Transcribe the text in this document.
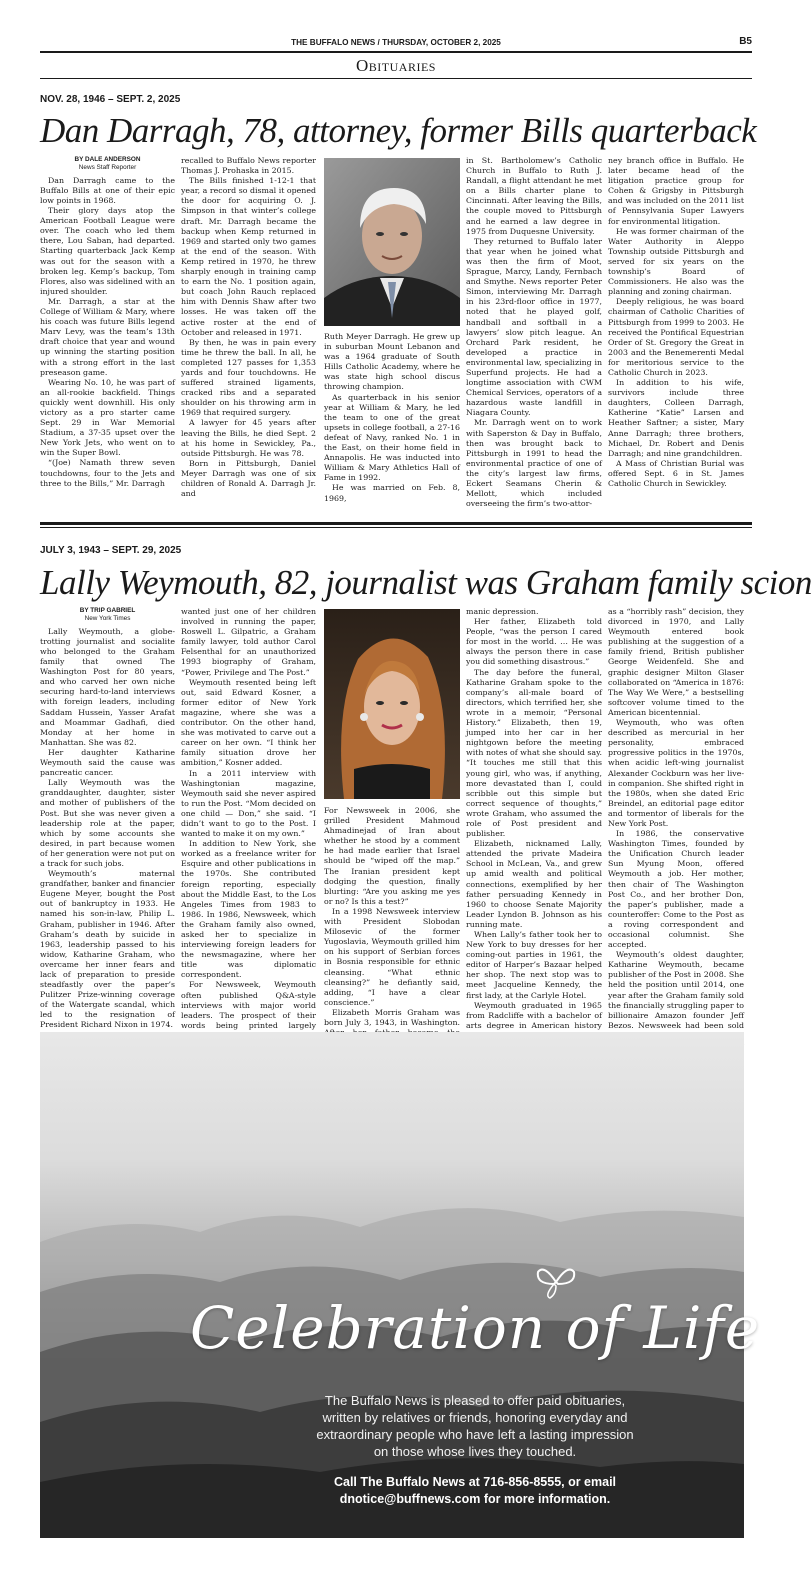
THE BUFFALO NEWS / THURSDAY, OCTOBER 2, 2025	B5
Obituaries
NOV. 28, 1946 – SEPT. 2, 2025
Dan Darragh, 78, attorney, former Bills quarterback
BY DALE ANDERSON
News Staff Reporter

Dan Darragh came to the Buffalo Bills at one of their epic low points in 1968.

Their glory days atop the American Football League were over. The coach who led them there, Lou Saban, had departed. Starting quarterback Jack Kemp was out for the season with a broken leg. Kemp’s backup, Tom Flores, also was sidelined with an injured shoulder.

Mr. Darragh, a star at the College of William & Mary, where his coach was future Bills legend Marv Levy, was the team’s 13th draft choice that year and wound up winning the starting position with a strong effort in the last preseason game.

Wearing No. 10, he was part of an all-rookie backfield. Things quickly went downhill. His only victory as a pro starter came Sept. 29 in War Memorial Stadium, a 37-35 upset over the New York Jets, who went on to win the Super Bowl.

“(Joe) Namath threw seven touchdowns, four to the Jets and three to the Bills,” Mr. Darragh

recalled to Buffalo News reporter Thomas J. Prohaska in 2015.

The Bills finished 1-12-1 that year, a record so dismal it opened the door for acquiring O. J. Simpson in that winter’s college draft. Mr. Darragh became the backup when Kemp returned in 1969 and started only two games at the end of the season. With Kemp retired in 1970, he threw sharply enough in training camp to earn the No. 1 position again, but coach John Rauch replaced him with Dennis Shaw after two losses. He was taken off the active roster at the end of October and released in 1971.

By then, he was in pain every time he threw the ball. In all, he completed 127 passes for 1,353 yards and four touchdowns. He suffered strained ligaments, cracked ribs and a separated shoulder on his throwing arm in 1969 that required surgery.

A lawyer for 45 years after leaving the Bills, he died Sept. 2 at his home in Sewickley, Pa., outside Pittsburgh. He was 78.

Born in Pittsburgh, Daniel Meyer Darragh was one of six children of Ronald A. Darragh Jr. and

Ruth Meyer Darragh. He grew up in suburban Mount Lebanon and was a 1964 graduate of South Hills Catholic Academy, where he was state high school discus throwing champion.

As quarterback in his senior year at William & Mary, he led the team to one of the great upsets in college football, a 27-16 defeat of Navy, ranked No. 1 in the East, on their home field in Annapolis. He was inducted into William & Mary Athletics Hall of Fame in 1992.

He was married on Feb. 8, 1969,

in St. Bartholomew’s Catholic Church in Buffalo to Ruth J. Randall, a flight attendant he met on a Bills charter plane to Cincinnati. After leaving the Bills, the couple moved to Pittsburgh and he earned a law degree in 1975 from Duquesne University.

They returned to Buffalo later that year when he joined what was then the firm of Moot, Sprague, Marcy, Landy, Fernbach and Smythe. News reporter Peter Simon, interviewing Mr. Darragh in his 23rd-floor office in 1977, noted that he played golf, handball and softball in a lawyers’ slow pitch league. An Orchard Park resident, he developed a practice in environmental law, specializing in Superfund projects. He had a longtime association with CWM Chemical Services, operators of a hazardous waste landfill in Niagara County.

Mr. Darragh went on to work with Saperston & Day in Buffalo, then was brought back to Pittsburgh in 1991 to head the environmental practice of one of the city’s largest law firms, Eckert Seamans Cherin & Mellott, which included overseeing the firm’s two-attor-

ney branch office in Buffalo. He later became head of the litigation practice group for Cohen & Grigsby in Pittsburgh and was included on the 2011 list of Pennsylvania Super Lawyers for environmental litigation.

He was former chairman of the Water Authority in Aleppo Township outside Pittsburgh and served for six years on the township’s Board of Commissioners. He also was the planning and zoning chairman.

Deeply religious, he was board chairman of Catholic Charities of Pittsburgh from 1999 to 2003. He received the Pontifical Equestrian Order of St. Gregory the Great in 2003 and the Benemerenti Medal for meritorious service to the Catholic Church in 2023.

In addition to his wife, survivors include three daughters, Colleen Darragh, Katherine “Katie” Larsen and Heather Saftner; a sister, Mary Anne Darragh; three brothers, Michael, Dr. Robert and Denis Darragh; and nine grandchildren.

A Mass of Christian Burial was offered Sept. 6 in St. James Catholic Church in Sewickley.

JULY 3, 1943 – SEPT. 29, 2025
Lally Weymouth, 82, journalist was Graham family scion
BY TRIP GABRIEL
New York Times

Lally Weymouth, a globe-trotting journalist and socialite who belonged to the Graham family that owned The Washington Post for 80 years, and who carved her own niche securing hard-to-land interviews with foreign leaders, including Saddam Hussein, Yasser Arafat and Moammar Gadhafi, died Monday at her home in Manhattan. She was 82.

Her daughter Katharine Weymouth said the cause was pancreatic cancer.

Lally Weymouth was the granddaughter, daughter, sister and mother of publishers of the Post. But she was never given a leadership role at the paper, which by some accounts she desired, in part because women of her generation were not put on a track for such jobs.

Weymouth’s maternal grandfather, banker and financier Eugene Meyer, bought the Post out of bankruptcy in 1933. He named his son-in-law, Philip L. Graham, publisher in 1946. After Graham’s death by suicide in 1963, leadership passed to his widow, Katharine Graham, who overcame her inner fears and lack of preparation to preside steadfastly over the paper’s Pulitzer Prize-winning coverage of the Watergate scandal, which led to the resignation of President Richard Nixon in 1974.

wanted just one of her children involved in running the paper, Roswell L. Gilpatric, a Graham family lawyer, told author Carol Felsenthal for an unauthorized 1993 biography of Graham, “Power, Privilege and The Post.”

Weymouth resented being left out, said Edward Kosner, a former editor of New York magazine, where she was a contributor. On the other hand, she was motivated to carve out a career on her own. “I think her family situation drove her ambition,” Kosner added.

In a 2011 interview with Washingtonian magazine, Weymouth said she never aspired to run the Post. “Mom decided on one child — Don,” she said. “I didn’t want to go to the Post. I wanted to make it on my own.”

In addition to New York, she worked as a freelance writer for Esquire and other publications in the 1970s. She contributed foreign reporting, especially about the Middle East, to the Los Angeles Times from 1983 to 1986. In 1986, Newsweek, which the Graham family also owned, asked her to specialize in interviewing foreign leaders for the newsmagazine, where her title was diplomatic correspondent.

For Newsweek, Weymouth often published Q&A-style interviews with major world leaders. The prospect of their words being printed largely

For Newsweek in 2006, she grilled President Mahmoud Ahmadinejad of Iran about whether he stood by a comment he had made earlier that Israel should be “wiped off the map.” The Iranian president kept dodging the question, finally blurting: “Are you asking me yes or no? Is this a test?”

In a 1998 Newsweek interview with President Slobodan Milosevic of the former Yugoslavia, Weymouth grilled him on his support of Serbian forces in Bosnia responsible for ethnic cleansing. “What ethnic cleansing?” he defiantly said, adding, “I have a clear conscience.”

Elizabeth Morris Graham was born July 3, 1943, in Washington.

manic depression.

Her father, Elizabeth told People, “was the person I cared for most in the world. … He was always the person there in case you did something disastrous.”

The day before the funeral, Katharine Graham spoke to the company’s all-male board of directors, which terrified her, she wrote in a memoir, “Personal History.” Elizabeth, then 19, jumped into her car in her nightgown before the meeting with notes of what she should say. “It touches me still that this young girl, who was, if anything, more devastated than I, could scribble out this simple but correct sequence of thoughts,” wrote Graham, who assumed the role of Post president and publisher.

Elizabeth, nicknamed Lally, attended the private Madeira School in McLean, Va., and grew up amid wealth and political connections, exemplified by her father persuading Kennedy in 1960 to choose Senate Majority Leader Lyndon B. Johnson as his running mate.

When Lally’s father took her to New York to buy dresses for her coming-out parties in 1961, the editor of Harper’s Bazaar helped her shop. The next stop was to meet Jacqueline Kennedy, the first lady, at the Carlyle Hotel.

Weymouth graduated in 1965 from Radcliffe with a bachelor of arts degree in American history

as a “horribly rash” decision, they divorced in 1970, and Lally Weymouth entered book publishing at the suggestion of a family friend, British publisher George Weidenfeld. She and graphic designer Milton Glaser collaborated on “America in 1876: The Way We Were,” a bestselling softcover volume timed to the American bicentennial.

Weymouth, who was often described as mercurial in her personality, embraced progressive politics in the 1970s, when acidic left-wing journalist Alexander Cockburn was her live-in companion. She shifted right in the 1980s, when she dated Eric Breindel, an editorial page editor and tormentor of liberals for the New York Post.

In 1986, the conservative Washington Times, founded by the Unification Church leader Sun Myung Moon, offered Weymouth a job. Her mother, then chair of The Washington Post Co., and her brother Don, the paper’s publisher, made a counteroffer: Come to the Post as a roving correspondent and occasional columnist. She accepted.

Weymouth’s oldest daughter, Katharine Weymouth, became publisher of the Post in 2008. She held the position until 2014, one year after the Graham family sold the financially struggling paper to billionaire Amazon founder Jeff Bezos. Newsweek had been sold

Celebration of Life
The Buffalo News is pleased to offer paid obituaries, written by relatives or friends, honoring everyday and extraordinary people who have left a lasting impression on those whose lives they touched.
Call The Buffalo News at 716-856-8555, or email dnotice@buffnews.com for more information.
